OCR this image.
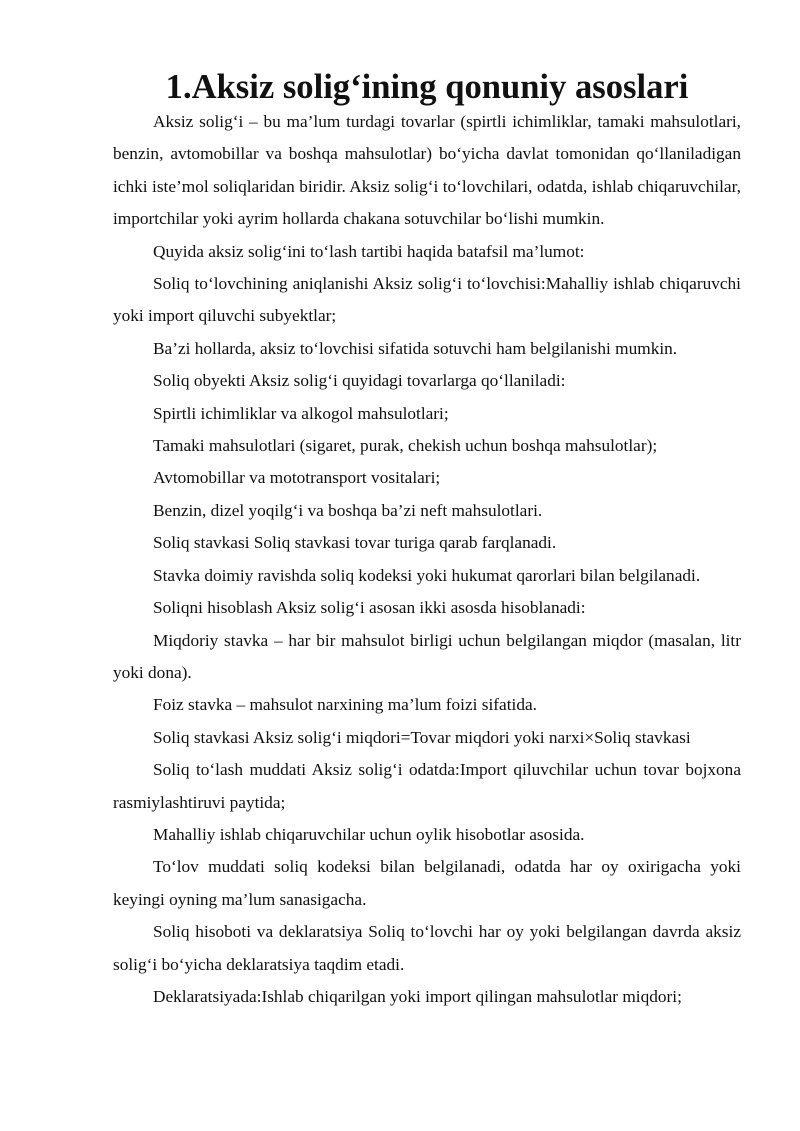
1.Aksiz solig‘ining qonuniy asoslari

Aksiz solig‘i – bu ma’lum turdagi tovarlar (spirtli ichimliklar, tamaki mahsulotlari, benzin, avtomobillar va boshqa mahsulotlar) bo‘yicha davlat tomonidan qo‘llaniladigan ichki iste’mol soliqlaridan biridir. Aksiz solig‘i to‘lovchilari, odatda, ishlab chiqaruvchilar, importchilar yoki ayrim hollarda chakana sotuvchilar bo‘lishi mumkin.

Quyida aksiz solig‘ini to‘lash tartibi haqida batafsil ma’lumot:

Soliq to‘lovchining aniqlanishi Aksiz solig‘i to‘lovchisi:Mahalliy ishlab chiqaruvchi yoki import qiluvchi subyektlar;

Ba’zi hollarda, aksiz to‘lovchisi sifatida sotuvchi ham belgilanishi mumkin.

Soliq obyekti Aksiz solig‘i quyidagi tovarlarga qo‘llaniladi:

Spirtli ichimliklar va alkogol mahsulotlari;

Tamaki mahsulotlari (sigaret, purak, chekish uchun boshqa mahsulotlar);

Avtomobillar va mototransport vositalari;

Benzin, dizel yoqilg‘i va boshqa ba’zi neft mahsulotlari.

Soliq stavkasi Soliq stavkasi tovar turiga qarab farqlanadi.

Stavka doimiy ravishda soliq kodeksi yoki hukumat qarorlari bilan belgilanadi.

Soliqni hisoblash Aksiz solig‘i asosan ikki asosda hisoblanadi:

Miqdoriy stavka – har bir mahsulot birligi uchun belgilangan miqdor (masalan, litr yoki dona).

Foiz stavka – mahsulot narxining ma’lum foizi sifatida.

Soliq stavkasi Aksiz solig‘i miqdori=Tovar miqdori yoki narxi×Soliq stavkasi

Soliq to‘lash muddati Aksiz solig‘i odatda:Import qiluvchilar uchun tovar bojxona rasmiylashtiruvi paytida;

Mahalliy ishlab chiqaruvchilar uchun oylik hisobotlar asosida.

To‘lov muddati soliq kodeksi bilan belgilanadi, odatda har oy oxirigacha yoki keyingi oyning ma’lum sanasigacha.

Soliq hisoboti va deklaratsiya Soliq to‘lovchi har oy yoki belgilangan davrda aksiz solig‘i bo‘yicha deklaratsiya taqdim etadi.

Deklaratsiyada:Ishlab chiqarilgan yoki import qilingan mahsulotlar miqdori;
